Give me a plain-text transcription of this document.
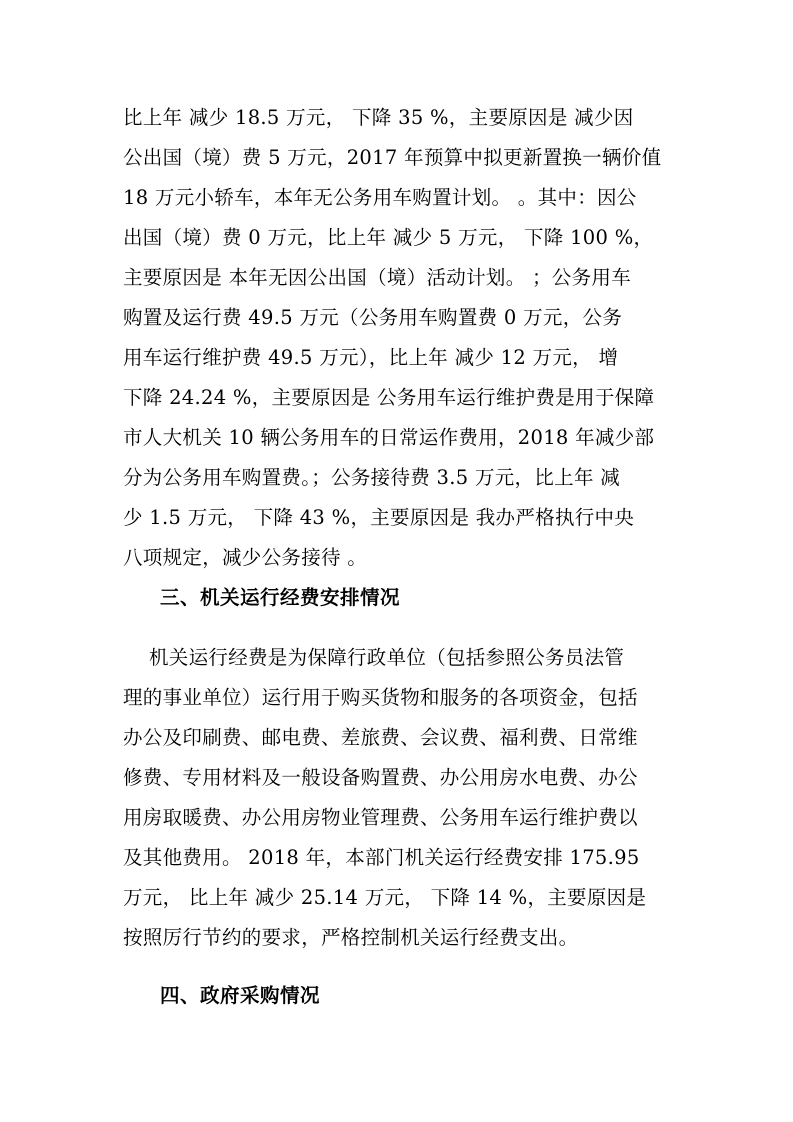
比上年 减少 18.5 万元， 下降 35 %，主要原因是 减少因
公出国（境）费 5 万元，2017 年预算中拟更新置换一辆价值
18 万元小轿车，本年无公务用车购置计划。 。其中：因公
出国（境）费 0 万元，比上年 减少 5 万元， 下降 100 %，
主要原因是 本年无因公出国（境）活动计划。 ；公务用车
购置及运行费 49.5 万元（公务用车购置费 0 万元，公务
用车运行维护费 49.5 万元），比上年 减少 12 万元， 增
下降 24.24 %，主要原因是 公务用车运行维护费是用于保障
市人大机关 10 辆公务用车的日常运作费用，2018 年减少部
分为公务用车购置费。；公务接待费 3.5 万元，比上年 减
少 1.5 万元， 下降 43 %，主要原因是 我办严格执行中央
八项规定，减少公务接待 。
三、机关运行经费安排情况
机关运行经费是为保障行政单位（包括参照公务员法管
理的事业单位）运行用于购买货物和服务的各项资金，包括
办公及印刷费、邮电费、差旅费、会议费、福利费、日常维
修费、专用材料及一般设备购置费、办公用房水电费、办公
用房取暖费、办公用房物业管理费、公务用车运行维护费以
及其他费用。 2018 年，本部门机关运行经费安排 175.95
万元， 比上年 减少 25.14 万元， 下降 14 %，主要原因是
按照厉行节约的要求，严格控制机关运行经费支出。
四、政府采购情况
